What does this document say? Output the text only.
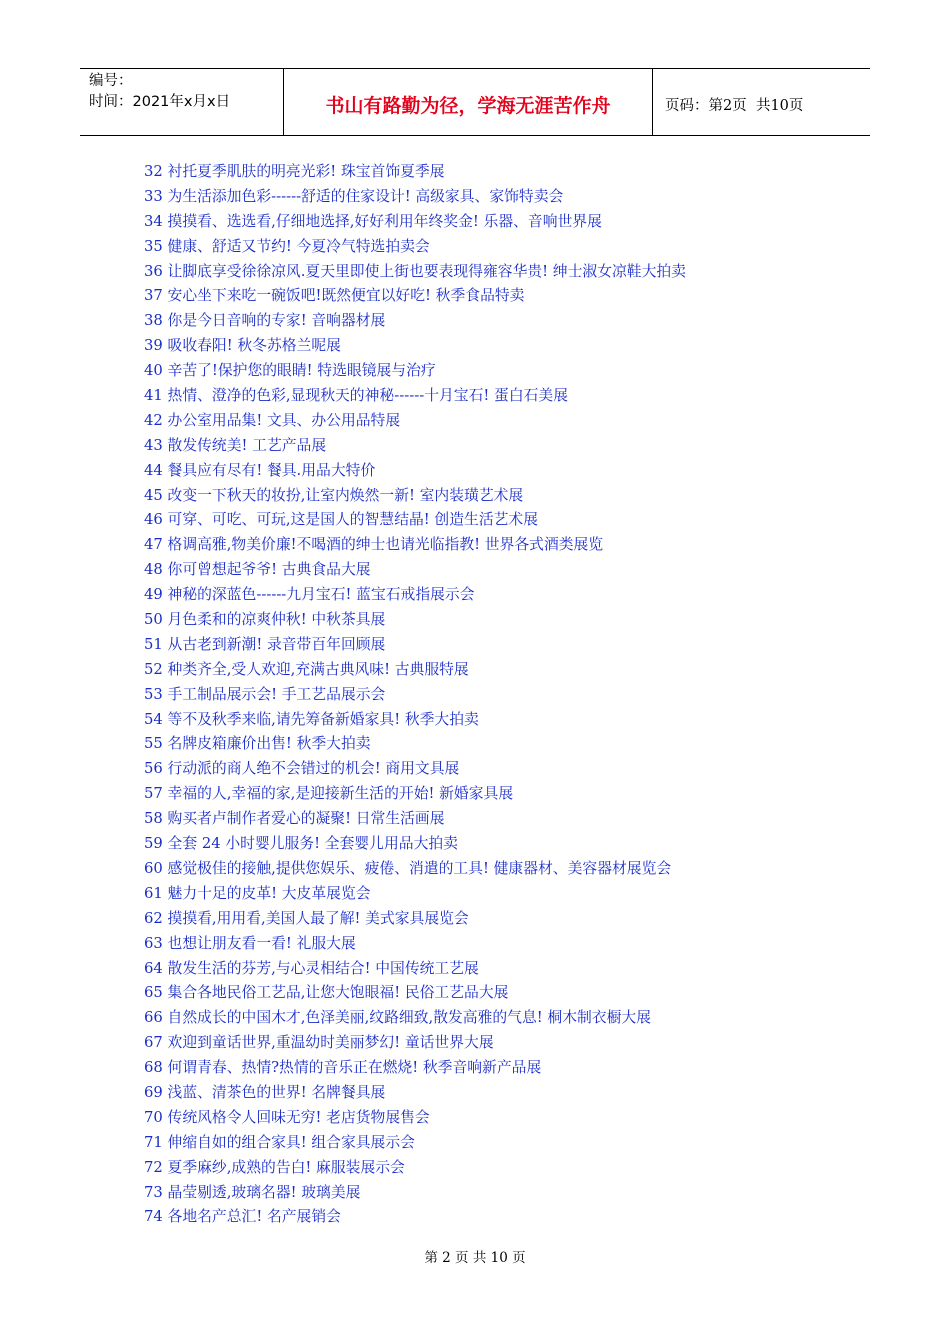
编号：
时间：2021年x月x日	书山有路勤为径，学海无涯苦作舟	页码：第2页  共10页
32 衬托夏季肌肤的明亮光彩! 珠宝首饰夏季展
33 为生活添加色彩------舒适的住家设计! 高级家具、家饰特卖会
34 摸摸看、选选看,仔细地选择,好好利用年终奖金! 乐器、音响世界展
35 健康、舒适又节约! 今夏冷气特选拍卖会
36 让脚底享受徐徐凉风.夏天里即使上街也要表现得雍容华贵! 绅士淑女凉鞋大拍卖
37 安心坐下来吃一碗饭吧!既然便宜以好吃! 秋季食品特卖
38 你是今日音响的专家! 音响器材展
39 吸收春阳! 秋冬苏格兰呢展
40 辛苦了!保护您的眼睛! 特选眼镜展与治疗
41 热情、澄净的色彩,显现秋天的神秘------十月宝石! 蛋白石美展
42 办公室用品集! 文具、办公用品特展
43 散发传统美! 工艺产品展
44 餐具应有尽有! 餐具.用品大特价
45 改变一下秋天的妆扮,让室内焕然一新! 室内装璜艺术展
46 可穿、可吃、可玩,这是国人的智慧结晶! 创造生活艺术展
47 格调高雅,物美价廉!不喝酒的绅士也请光临指教! 世界各式酒类展览
48 你可曾想起爷爷! 古典食品大展
49 神秘的深蓝色------九月宝石! 蓝宝石戒指展示会
50 月色柔和的凉爽仲秋! 中秋茶具展
51 从古老到新潮! 录音带百年回顾展
52 种类齐全,受人欢迎,充满古典风味! 古典服特展
53 手工制品展示会! 手工艺品展示会
54 等不及秋季来临,请先筹备新婚家具! 秋季大拍卖
55 名牌皮箱廉价出售! 秋季大拍卖
56 行动派的商人绝不会错过的机会! 商用文具展
57 幸福的人,幸福的家,是迎接新生活的开始! 新婚家具展
58 购买者卢制作者爱心的凝聚! 日常生活画展
59 全套 24 小时婴儿服务! 全套婴儿用品大拍卖
60 感觉极佳的接触,提供您娱乐、疲倦、消遣的工具! 健康器材、美容器材展览会
61 魅力十足的皮革! 大皮革展览会
62 摸摸看,用用看,美国人最了解! 美式家具展览会
63 也想让朋友看一看! 礼服大展
64 散发生活的芬芳,与心灵相结合! 中国传统工艺展
65 集合各地民俗工艺品,让您大饱眼福! 民俗工艺品大展
66 自然成长的中国木才,色泽美丽,纹路细致,散发高雅的气息! 桐木制衣橱大展
67 欢迎到童话世界,重温幼时美丽梦幻! 童话世界大展
68 何谓青春、热情?热情的音乐正在燃烧! 秋季音响新产品展
69 浅蓝、清茶色的世界! 名牌餐具展
70 传统风格令人回味无穷! 老店货物展售会
71 伸缩自如的组合家具! 组合家具展示会
72 夏季麻纱,成熟的告白! 麻服装展示会
73 晶莹剔透,玻璃名器! 玻璃美展
74 各地名产总汇! 名产展销会
第 2 页 共 10 页
